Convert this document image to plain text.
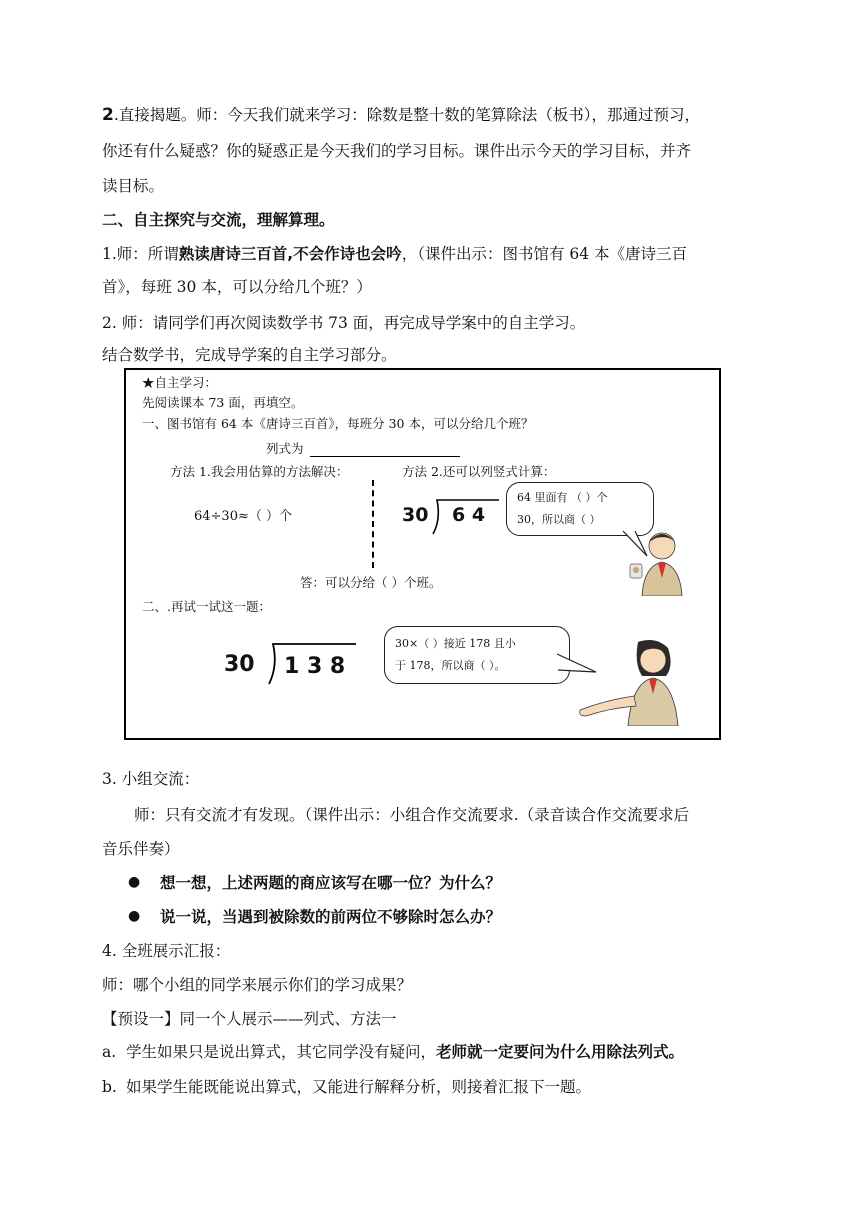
2.直接揭题。师：今天我们就来学习：除数是整十数的笔算除法（板书），那通过预习，
你还有什么疑惑？你的疑惑正是今天我们的学习目标。课件出示今天的学习目标，并齐
读目标。
二、自主探究与交流，理解算理。
1.师：所谓熟读唐诗三百首,不会作诗也会吟，（课件出示：图书馆有 64 本《唐诗三百
首》，每班 30 本，可以分给几个班？）
2. 师：请同学们再次阅读数学书 73 面，再完成导学案中的自主学习。
结合数学书，完成导学案的自主学习部分。
★自主学习：
先阅读课本 73 面，再填空。
一、图书馆有 64 本《唐诗三百首》，每班分 30 本，可以分给几个班？
列式为
方法 1.我会用估算的方法解决：	方法 2.还可以列竖式计算：
64÷30≈（ ）个	30 6 4
64 里面有 （ ）个
30，所以商（ ）
答：可以分给（ ）个班。
二、.再试一试这一题：
30 1 3 8
30×（ ）接近 178 且小
于 178，所以商（ ）。
3. 小组交流：
师：只有交流才有发现。（课件出示：小组合作交流要求.（录音读合作交流要求后
音乐伴奏）
● 想一想，上述两题的商应该写在哪一位？为什么？
● 说一说，当遇到被除数的前两位不够除时怎么办？
4. 全班展示汇报：
师：哪个小组的同学来展示你们的学习成果？
【预设一】同一个人展示——列式、方法一
a. 学生如果只是说出算式，其它同学没有疑问，老师就一定要问为什么用除法列式。
b. 如果学生能既能说出算式，又能进行解释分析，则接着汇报下一题。
